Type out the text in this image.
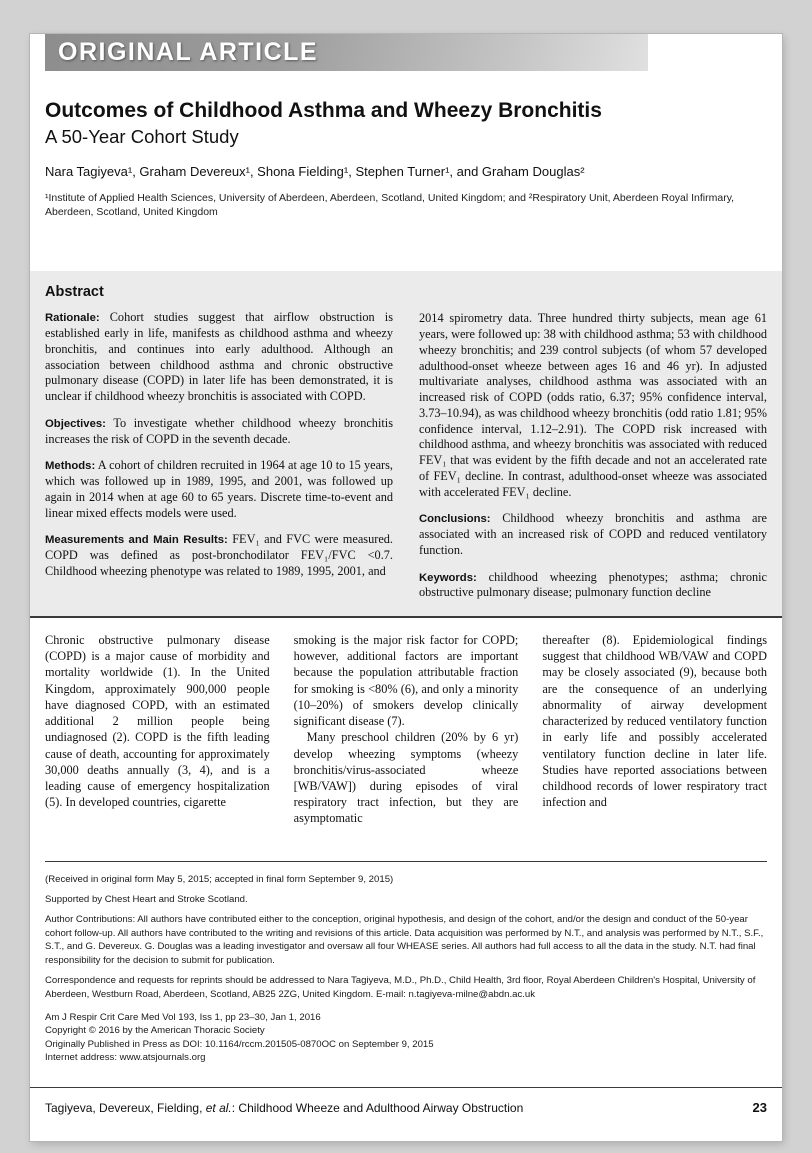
ORIGINAL ARTICLE
Outcomes of Childhood Asthma and Wheezy Bronchitis
A 50-Year Cohort Study
Nara Tagiyeva¹, Graham Devereux¹, Shona Fielding¹, Stephen Turner¹, and Graham Douglas²
¹Institute of Applied Health Sciences, University of Aberdeen, Aberdeen, Scotland, United Kingdom; and ²Respiratory Unit, Aberdeen Royal Infirmary, Aberdeen, Scotland, United Kingdom
Abstract

Rationale: Cohort studies suggest that airflow obstruction is established early in life, manifests as childhood asthma and wheezy bronchitis, and continues into early adulthood. Although an association between childhood asthma and chronic obstructive pulmonary disease (COPD) in later life has been demonstrated, it is unclear if childhood wheezy bronchitis is associated with COPD.

Objectives: To investigate whether childhood wheezy bronchitis increases the risk of COPD in the seventh decade.

Methods: A cohort of children recruited in 1964 at age 10 to 15 years, which was followed up in 1989, 1995, and 2001, was followed up again in 2014 when at age 60 to 65 years. Discrete time-to-event and linear mixed effects models were used.

Measurements and Main Results: FEV₁ and FVC were measured. COPD was defined as post-bronchodilator FEV₁/FVC <0.7. Childhood wheezing phenotype was related to 1989, 1995, 2001, and

2014 spirometry data. Three hundred thirty subjects, mean age 61 years, were followed up: 38 with childhood asthma; 53 with childhood wheezy bronchitis; and 239 control subjects (of whom 57 developed adulthood-onset wheeze between ages 16 and 46 yr). In adjusted multivariate analyses, childhood asthma was associated with an increased risk of COPD (odds ratio, 6.37; 95% confidence interval, 3.73–10.94), as was childhood wheezy bronchitis (odd ratio 1.81; 95% confidence interval, 1.12–2.91). The COPD risk increased with childhood asthma, and wheezy bronchitis was associated with reduced FEV₁ that was evident by the fifth decade and not an accelerated rate of FEV₁ decline. In contrast, adulthood-onset wheeze was associated with accelerated FEV₁ decline.

Conclusions: Childhood wheezy bronchitis and asthma are associated with an increased risk of COPD and reduced ventilatory function.

Keywords: childhood wheezing phenotypes; asthma; chronic obstructive pulmonary disease; pulmonary function decline

Chronic obstructive pulmonary disease (COPD) is a major cause of morbidity and mortality worldwide (1). In the United Kingdom, approximately 900,000 people have diagnosed COPD, with an estimated additional 2 million people being undiagnosed (2). COPD is the fifth leading cause of death, accounting for approximately 30,000 deaths annually (3, 4), and is a leading cause of emergency hospitalization (5). In developed countries, cigarette

smoking is the major risk factor for COPD; however, additional factors are important because the population attributable fraction for smoking is <80% (6), and only a minority (10–20%) of smokers develop clinically significant disease (7).

Many preschool children (20% by 6 yr) develop wheezing symptoms (wheezy bronchitis/virus-associated wheeze [WB/VAW]) during episodes of viral respiratory tract infection, but they are asymptomatic

thereafter (8). Epidemiological findings suggest that childhood WB/VAW and COPD may be closely associated (9), because both are the consequence of an underlying abnormality of airway development characterized by reduced ventilatory function in early life and possibly accelerated ventilatory function decline in later life. Studies have reported associations between childhood records of lower respiratory tract infection and

(Received in original form May 5, 2015; accepted in final form September 9, 2015)

Supported by Chest Heart and Stroke Scotland.

Author Contributions: All authors have contributed either to the conception, original hypothesis, and design of the cohort, and/or the design and conduct of the 50-year cohort follow-up. All authors have contributed to the writing and revisions of this article. Data acquisition was performed by N.T., and analysis was performed by N.T., S.F., S.T., and G. Devereux. G. Douglas was a leading investigator and oversaw all four WHEASE series. All authors had full access to all the data in the study. N.T. had final responsibility for the decision to submit for publication.

Correspondence and requests for reprints should be addressed to Nara Tagiyeva, M.D., Ph.D., Child Health, 3rd floor, Royal Aberdeen Children's Hospital, University of Aberdeen, Westburn Road, Aberdeen, Scotland, AB25 2ZG, United Kingdom. E-mail: n.tagiyeva-milne@abdn.ac.uk

Am J Respir Crit Care Med Vol 193, Iss 1, pp 23–30, Jan 1, 2016
Copyright © 2016 by the American Thoracic Society
Originally Published in Press as DOI: 10.1164/rccm.201505-0870OC on September 9, 2015
Internet address: www.atsjournals.org
Tagiyeva, Devereux, Fielding, et al.: Childhood Wheeze and Adulthood Airway Obstruction	23
